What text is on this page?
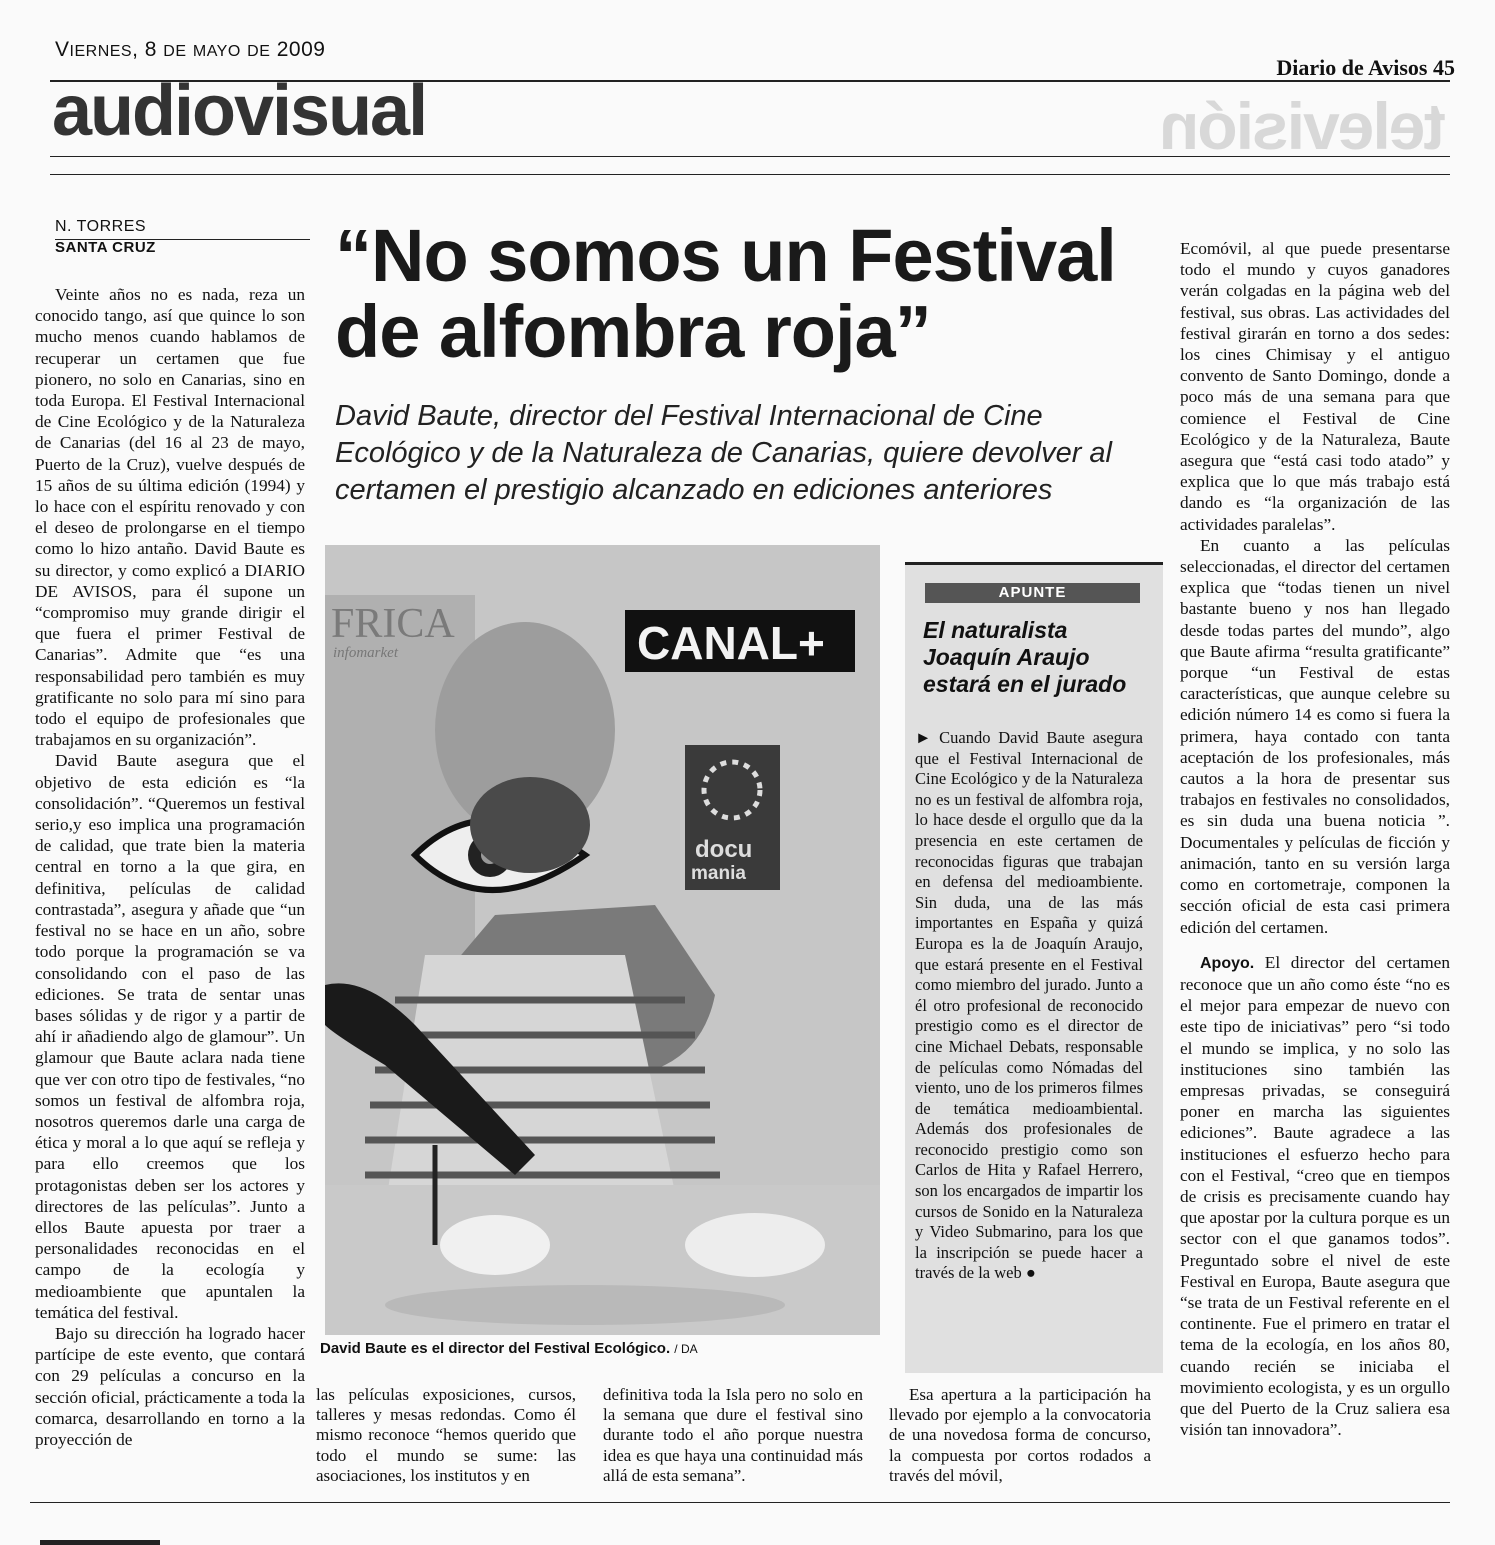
VIERNES, 8 DE MAYO DE 2009
Diario de Avisos 45
audiovisual	televisión
N. TORRES
SANTA CRUZ

Veinte años no es nada, reza un conocido tango, así que quince lo son mucho menos cuando hablamos de recuperar un certamen que fue pionero, no solo en Canarias, sino en toda Europa. El Festival Internacional de Cine Ecológico y de la Naturaleza de Canarias (del 16 al 23 de mayo, Puerto de la Cruz), vuelve después de 15 años de su última edición (1994) y lo hace con el espíritu renovado y con el deseo de prolongarse en el tiempo como lo hizo antaño. David Baute es su director, y como explicó a DIARIO DE AVISOS, para él supone un “compromiso muy grande dirigir el que fuera el primer Festival de Canarias”. Admite que “es una responsabilidad pero también es muy gratificante no solo para mí sino para todo el equipo de profesionales que trabajamos en su organización”.

David Baute asegura que el objetivo de esta edición es “la consolidación”. “Queremos un festival serio,y eso implica una programación de calidad, que trate bien la materia central en torno a la que gira, en definitiva, películas de calidad contrastada”, asegura y añade que “un festival no se hace en un año, sobre todo porque la programación se va consolidando con el paso de las ediciones. Se trata de sentar unas bases sólidas y de rigor y a partir de ahí ir añadiendo algo de glamour”. Un glamour que Baute aclara nada tiene que ver con otro tipo de festivales, “no somos un festival de alfombra roja, nosotros queremos darle una carga de ética y moral a lo que aquí se refleja y para ello creemos que los protagonistas deben ser los actores y directores de las películas”. Junto a ellos Baute apuesta por traer a personalidades reconocidas en el campo de la ecología y medioambiente que apuntalen la temática del festival.

Bajo su dirección ha logrado hacer partícipe de este evento, que contará con 29 películas a concurso en la sección oficial, prácticamente a toda la comarca, desarrollando en torno a la proyección de

“No somos un Festival de alfombra roja”
David Baute, director del Festival Internacional de Cine Ecológico y de la Naturaleza de Canarias, quiere devolver al certamen el prestigio alcanzado en ediciones anteriores
FRICA
infomarket	CANAL+
docu
mania
David Baute es el director del Festival Ecológico. / DA
APUNTE
El naturalista Joaquín Araujo estará en el jurado
► Cuando David Baute asegura que el Festival Internacional de Cine Ecológico y de la Naturaleza no es un festival de alfombra roja, lo hace desde el orgullo que da la presencia en este certamen de reconocidas figuras que trabajan en defensa del medioambiente. Sin duda, una de las más importantes en España y quizá Europa es la de Joaquín Araujo, que estará presente en el Festival como miembro del jurado. Junto a él otro profesional de reconocido prestigio como es el director de cine Michael Debats, responsable de películas como Nómadas del viento, uno de los primeros filmes de temática medioambiental. Además dos profesionales de reconocido prestigio como son Carlos de Hita y Rafael Herrero, son los encargados de impartir los cursos de Sonido en la Naturaleza y Video Submarino, para los que la inscripción se puede hacer a través de la web ●
las películas exposiciones, cursos, talleres y mesas redondas. Como él mismo reconoce “hemos querido que todo el mundo se sume: las asociaciones, los institutos y en
definitiva toda la Isla pero no solo en la semana que dure el festival sino durante todo el año porque nuestra idea es que haya una continuidad más allá de esta semana”.
Esa apertura a la participación ha llevado por ejemplo a la convocatoria de una novedosa forma de concurso, la compuesta por cortos rodados a través del móvil,

Ecomóvil, al que puede presentarse todo el mundo y cuyos ganadores verán colgadas en la página web del festival, sus obras. Las actividades del festival girarán en torno a dos sedes: los cines Chimisay y el antiguo convento de Santo Domingo, donde a poco más de una semana para que comience el Festival de Cine Ecológico y de la Naturaleza, Baute asegura que “está casi todo atado” y explica que lo que más trabajo está dando es “la organización de las actividades paralelas”.

En cuanto a las películas seleccionadas, el director del certamen explica que “todas tienen un nivel bastante bueno y nos han llegado desde todas partes del mundo”, algo que Baute afirma “resulta gratificante” porque “un Festival de estas características, que aunque celebre su edición número 14 es como si fuera la primera, haya contado con tanta aceptación de los profesionales, más cautos a la hora de presentar sus trabajos en festivales no consolidados, es sin duda una buena noticia ”. Documentales y películas de ficción y animación, tanto en su versión larga como en cortometraje, componen la sección oficial de esta casi primera edición del certamen.

Apoyo. El director del certamen reconoce que un año como éste “no es el mejor para empezar de nuevo con este tipo de iniciativas” pero “si todo el mundo se implica, y no solo las instituciones sino también las empresas privadas, se conseguirá poner en marcha las siguientes ediciones”. Baute agradece a las instituciones el esfuerzo hecho para con el Festival, “creo que en tiempos de crisis es precisamente cuando hay que apostar por la cultura porque es un sector con el que ganamos todos”. Preguntado sobre el nivel de este Festival en Europa, Baute asegura que “se trata de un Festival referente en el continente. Fue el primero en tratar el tema de la ecología, en los años 80, cuando recién se iniciaba el movimiento ecologista, y es un orgullo que del Puerto de la Cruz saliera esa visión tan innovadora”.
